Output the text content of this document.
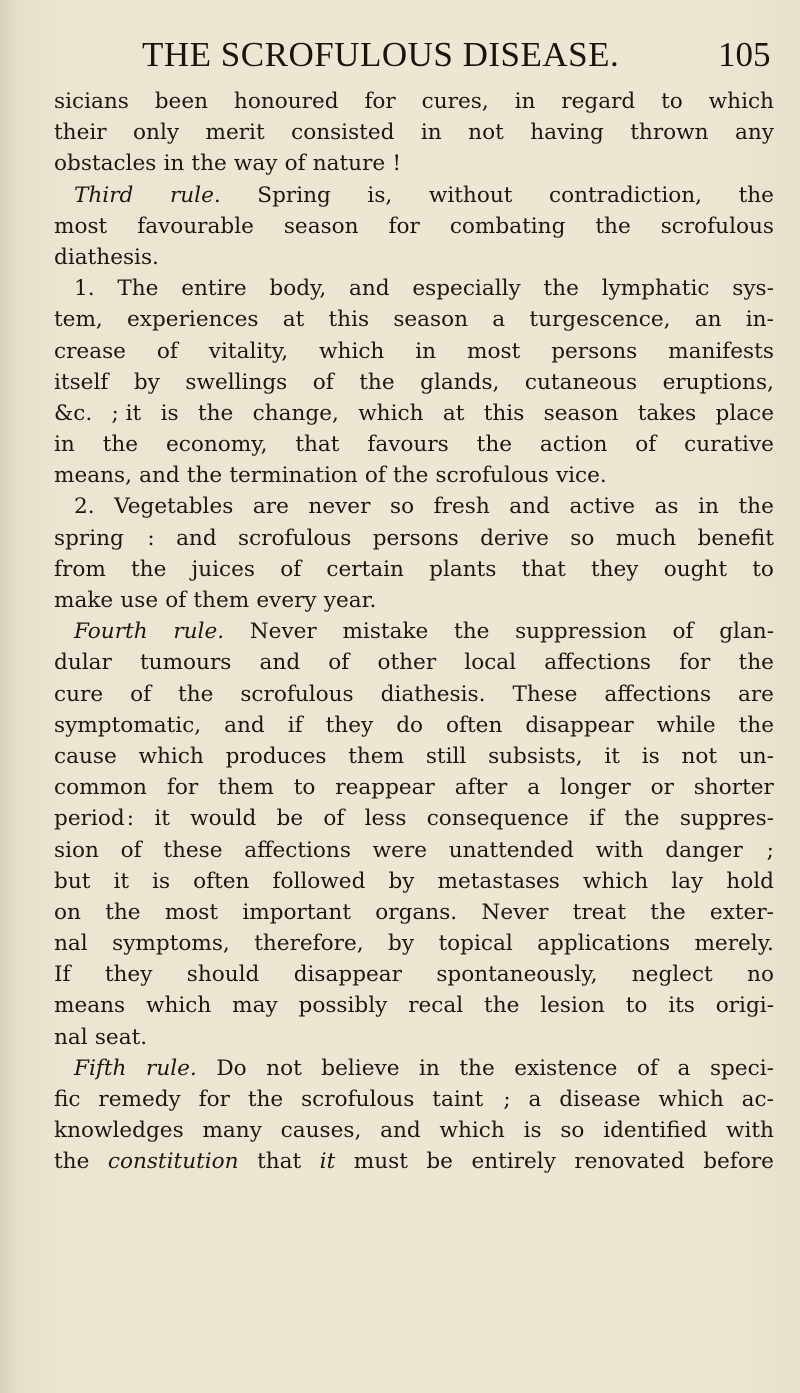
THE SCROFULOUS DISEASE.	105
sicians been honoured for cures, in regard to which
their only merit consisted in not having thrown any
obstacles in the way of nature !
Third rule. Spring is, without contradiction, the
most favourable season for combating the scrofulous
diathesis.
1. The entire body, and especially the lymphatic sys-
tem, experiences at this season a turgescence, an in-
crease of vitality, which in most persons manifests
itself by swellings of the glands, cutaneous eruptions,
&c. ; it is the change, which at this season takes place
in the economy, that favours the action of curative
means, and the termination of the scrofulous vice.
2. Vegetables are never so fresh and active as in the
spring  : and scrofulous persons derive so much benefit
from the juices of certain plants that they ought to
make use of them every year.
Fourth rule. Never mistake the suppression of glan-
dular tumours and of other local affections for the
cure of the scrofulous diathesis. These affections are
symptomatic, and if they do often disappear while the
cause which produces them still subsists, it is not un-
common for them to reappear after a longer or shorter
period : it would be of less consequence if the suppres-
sion of these affections were unattended with danger  ;
but it is often followed by metastases which lay hold
on the most important organs. Never treat the exter-
nal symptoms, therefore, by topical applications merely.
If they should disappear spontaneously, neglect no
means which may possibly recal the lesion to its origi-
nal seat.
Fifth rule. Do not believe in the existence of a speci-
fic remedy for the scrofulous taint  ; a disease which ac-
knowledges many causes, and which is so identified with
the constitution that it must be entirely renovated before
